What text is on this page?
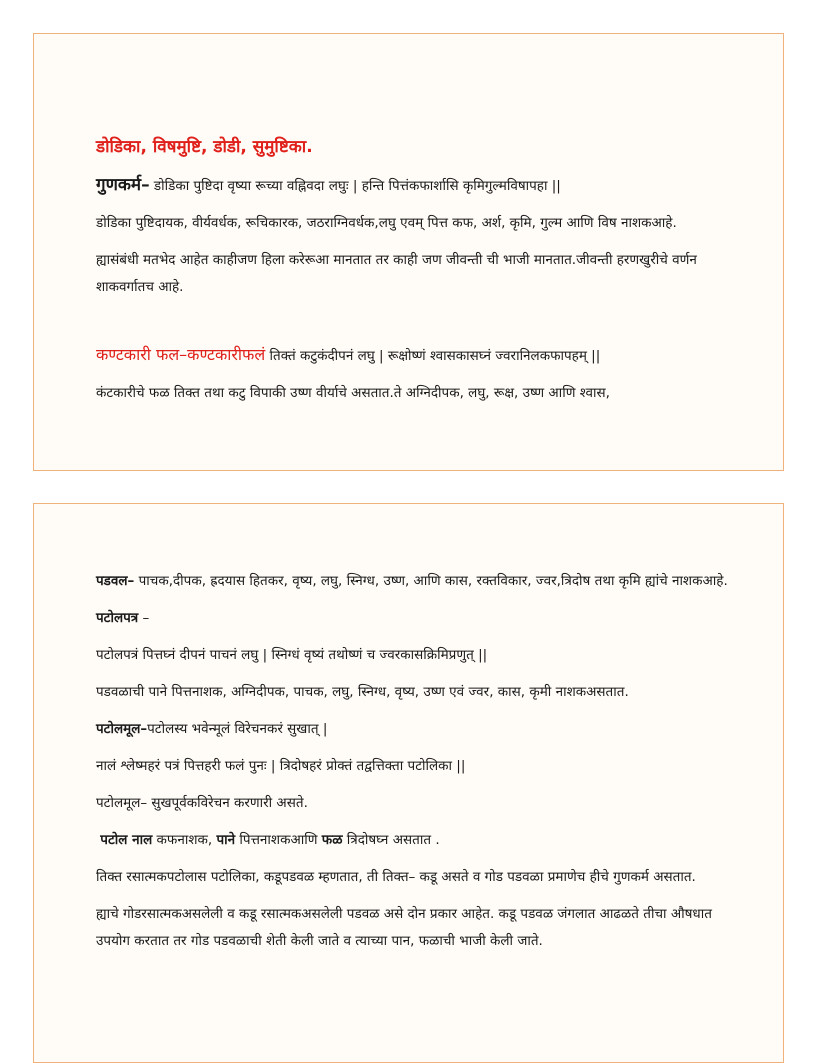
डोडिका, विषमुष्टि, डोडी, सुमुष्टिका.

गुणकर्म– डोडिका पुष्टिदा वृष्या रूच्या वह्निवदा लघुः | हन्ति पित्तंकफार्शासि कृमिगुल्मविषापहा ||

डोडिका पुष्टिदायक, वीर्यवर्धक, रूचिकारक, जठराग्निवर्धक,लघु एवम् पित्त कफ, अर्श, कृमि, गुल्म आणि विष नाशकआहे.

ह्यासंबंधी मतभेद आहेत काहीजण हिला करेरूआ मानतात तर काही जण जीवन्ती ची भाजी मानतात.जीवन्ती हरणखुरीचे वर्णन शाकवर्गातच आहे.

कण्टकारी फल–कण्टकारीफलं तिक्तं कटुकंदीपनं लघु | रूक्षोष्णं श्वासकासघ्नं ज्वरानिलकफापहम् ||

कंटकारीचे फळ तिक्त तथा कटु विपाकी उष्ण वीर्याचे असतात.ते अग्निदीपक, लघु, रूक्ष, उष्ण आणि श्वास,

पडवल– पाचक,दीपक, ह्रदयास हितकर, वृष्य, लघु, स्निग्ध, उष्ण, आणि कास, रक्तविकार, ज्वर,त्रिदोष तथा कृमि ह्यांचे नाशकआहे.

पटोलपत्र –

पटोलपत्रं पित्तघ्नं दीपनं पाचनं लघु | स्निग्धं वृष्यं तथोष्णं च ज्वरकासक्रिमिप्रणुत् ||

पडवळाची पाने पित्तनाशक, अग्निदीपक, पाचक, लघु, स्निग्ध, वृष्य, उष्ण एवं ज्वर, कास, कृमी नाशकअसतात.

पटोलमूल–पटोलस्य भवेन्मूलं विरेचनकरं सुखात् |

नालं श्लेष्महरं पत्रं पित्तहरी फलं पुनः | त्रिदोषहरं प्रोक्तं तद्वत्तिक्ता पटोलिका ||

पटोलमूल– सुखपूर्वकविरेचन करणारी असते.

पटोल नाल कफनाशक, पाने पित्तनाशकआणि फळ त्रिदोषघ्न असतात .

तिक्त रसात्मकपटोलास पटोलिका, कडूपडवळ म्हणतात, ती तिक्त– कडू असते व गोड पडवळा प्रमाणेच हीचे गुणकर्म असतात.

ह्याचे गोडरसात्मकअसलेली व कडू रसात्मकअसलेली पडवळ असे दोन प्रकार आहेत. कडू पडवळ जंगलात आढळते तीचा औषधात उपयोग करतात तर गोड पडवळाची शेती केली जाते व त्याच्या पान, फळाची भाजी केली जाते.
